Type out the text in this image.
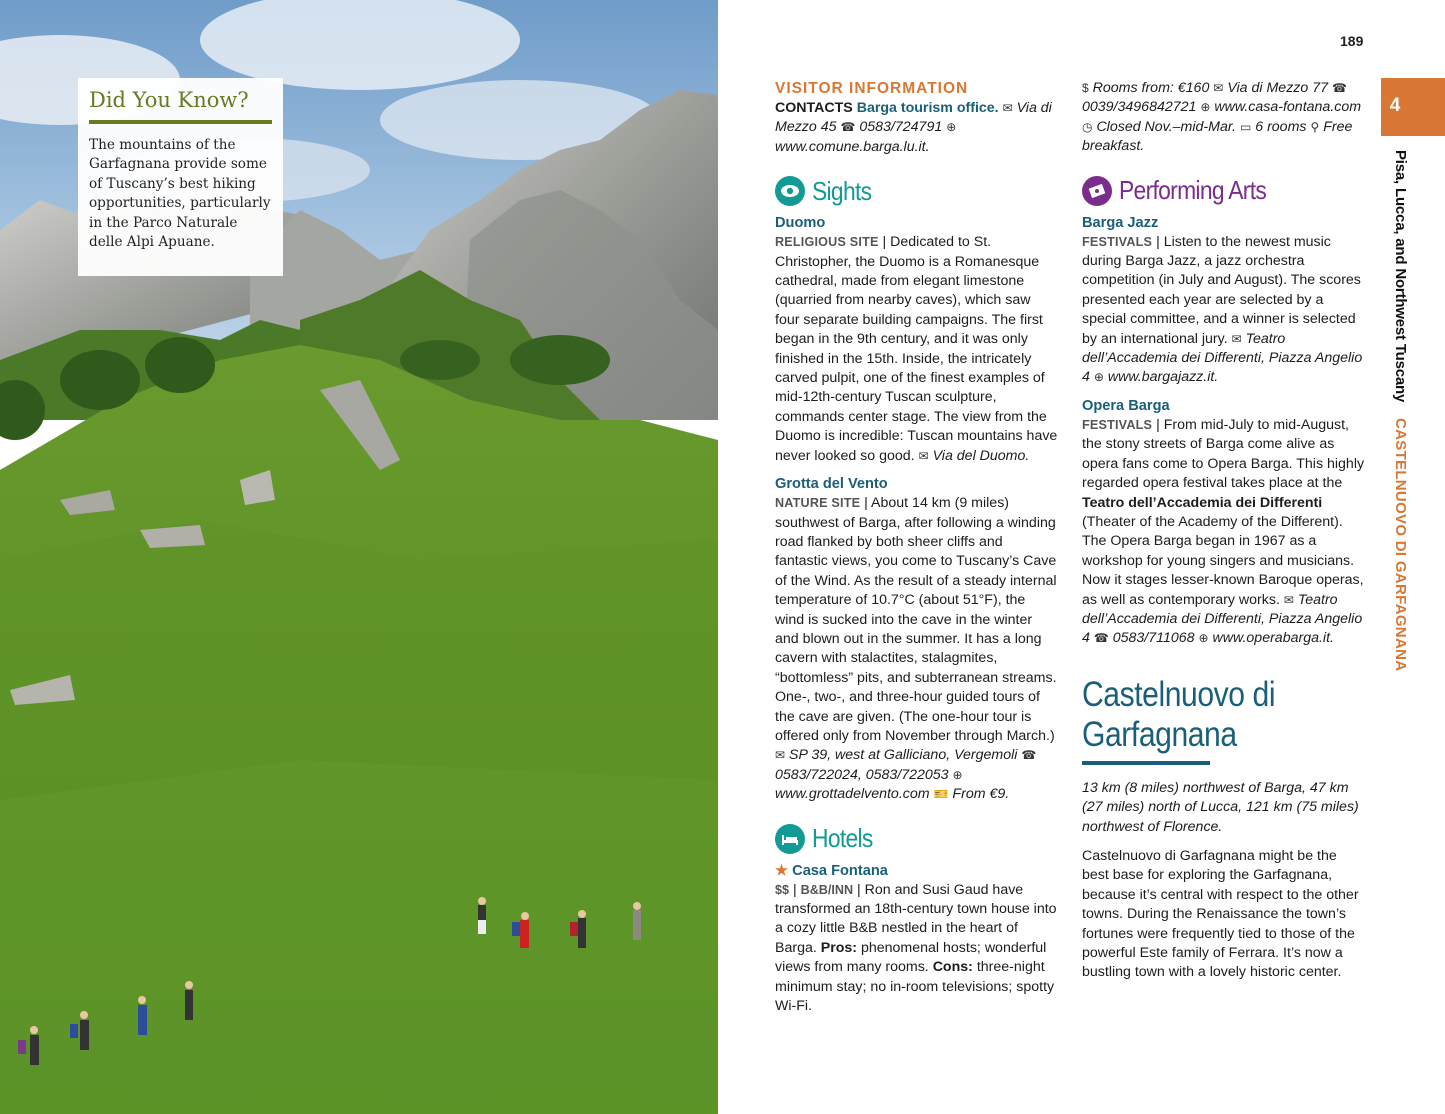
Did You Know?
The mountains of the Garfagnana provide some of Tuscany’s best hiking opportunities, particularly in the Parco Naturale delle Alpi Apuane.
189
4
Pisa, Lucca, and Northwest Tuscany CASTELNUOVO DI GARFAGNANA
VISITOR INFORMATION

CONTACTS Barga tourism office. ✉ Via di Mezzo 45 ☎ 0583/724791 ⊕ www.comune.barga.lu.it.

Sights
Duomo

RELIGIOUS SITE | Dedicated to St. Christopher, the Duomo is a Romanesque cathedral, made from elegant limestone (quarried from nearby caves), which saw four separate building campaigns. The first began in the 9th century, and it was only finished in the 15th. Inside, the intricately carved pulpit, one of the finest examples of mid-12th-century Tuscan sculpture, commands center stage. The view from the Duomo is incredible: Tuscan mountains have never looked so good. ✉ Via del Duomo.

Grotta del Vento

NATURE SITE | About 14 km (9 miles) southwest of Barga, after following a winding road flanked by both sheer cliffs and fantastic views, you come to Tuscany’s Cave of the Wind. As the result of a steady internal temperature of 10.7°C (about 51°F), the wind is sucked into the cave in the winter and blown out in the summer. It has a long cavern with stalactites, stalagmites, “bottomless” pits, and subterranean streams. One-, two-, and three-hour guided tours of the cave are given. (The one-hour tour is offered only from November through March.) ✉ SP 39, west at Galliciano, Vergemoli ☎ 0583/722024, 0583/722053 ⊕ www.grottadelvento.com 🎫 From €9.

Hotels
★ Casa Fontana

$$ | B&B/INN | Ron and Susi Gaud have transformed an 18th-century town house into a cozy little B&B nestled in the heart of Barga. Pros: phenomenal hosts; wonderful views from many rooms. Cons: three-night minimum stay; no in-room televisions; spotty Wi-Fi.

$ Rooms from: €160 ✉ Via di Mezzo 77 ☎ 0039/3496842721 ⊕ www.casa-fontana.com ◷ Closed Nov.–mid-Mar. ▭ 6 rooms ⚲ Free breakfast.

Performing Arts
Barga Jazz

FESTIVALS | Listen to the newest music during Barga Jazz, a jazz orchestra competition (in July and August). The scores presented each year are selected by a special committee, and a winner is selected by an international jury. ✉ Teatro dell’Accademia dei Differenti, Piazza Angelio 4 ⊕ www.bargajazz.it.

Opera Barga

FESTIVALS | From mid-July to mid-August, the stony streets of Barga come alive as opera fans come to Opera Barga. This highly regarded opera festival takes place at the Teatro dell’Accademia dei Differenti (Theater of the Academy of the Different). The Opera Barga began in 1967 as a workshop for young singers and musicians. Now it stages lesser-known Baroque operas, as well as contemporary works. ✉ Teatro dell’Accademia dei Differenti, Piazza Angelio 4 ☎ 0583/711068 ⊕ www.operabarga.it.

Castelnuovo di Garfagnana

13 km (8 miles) northwest of Barga, 47 km (27 miles) north of Lucca, 121 km (75 miles) northwest of Florence.

Castelnuovo di Garfagnana might be the best base for exploring the Garfagnana, because it’s central with respect to the other towns. During the Renaissance the town’s fortunes were frequently tied to those of the powerful Este family of Ferrara. It’s now a bustling town with a lovely historic center.
